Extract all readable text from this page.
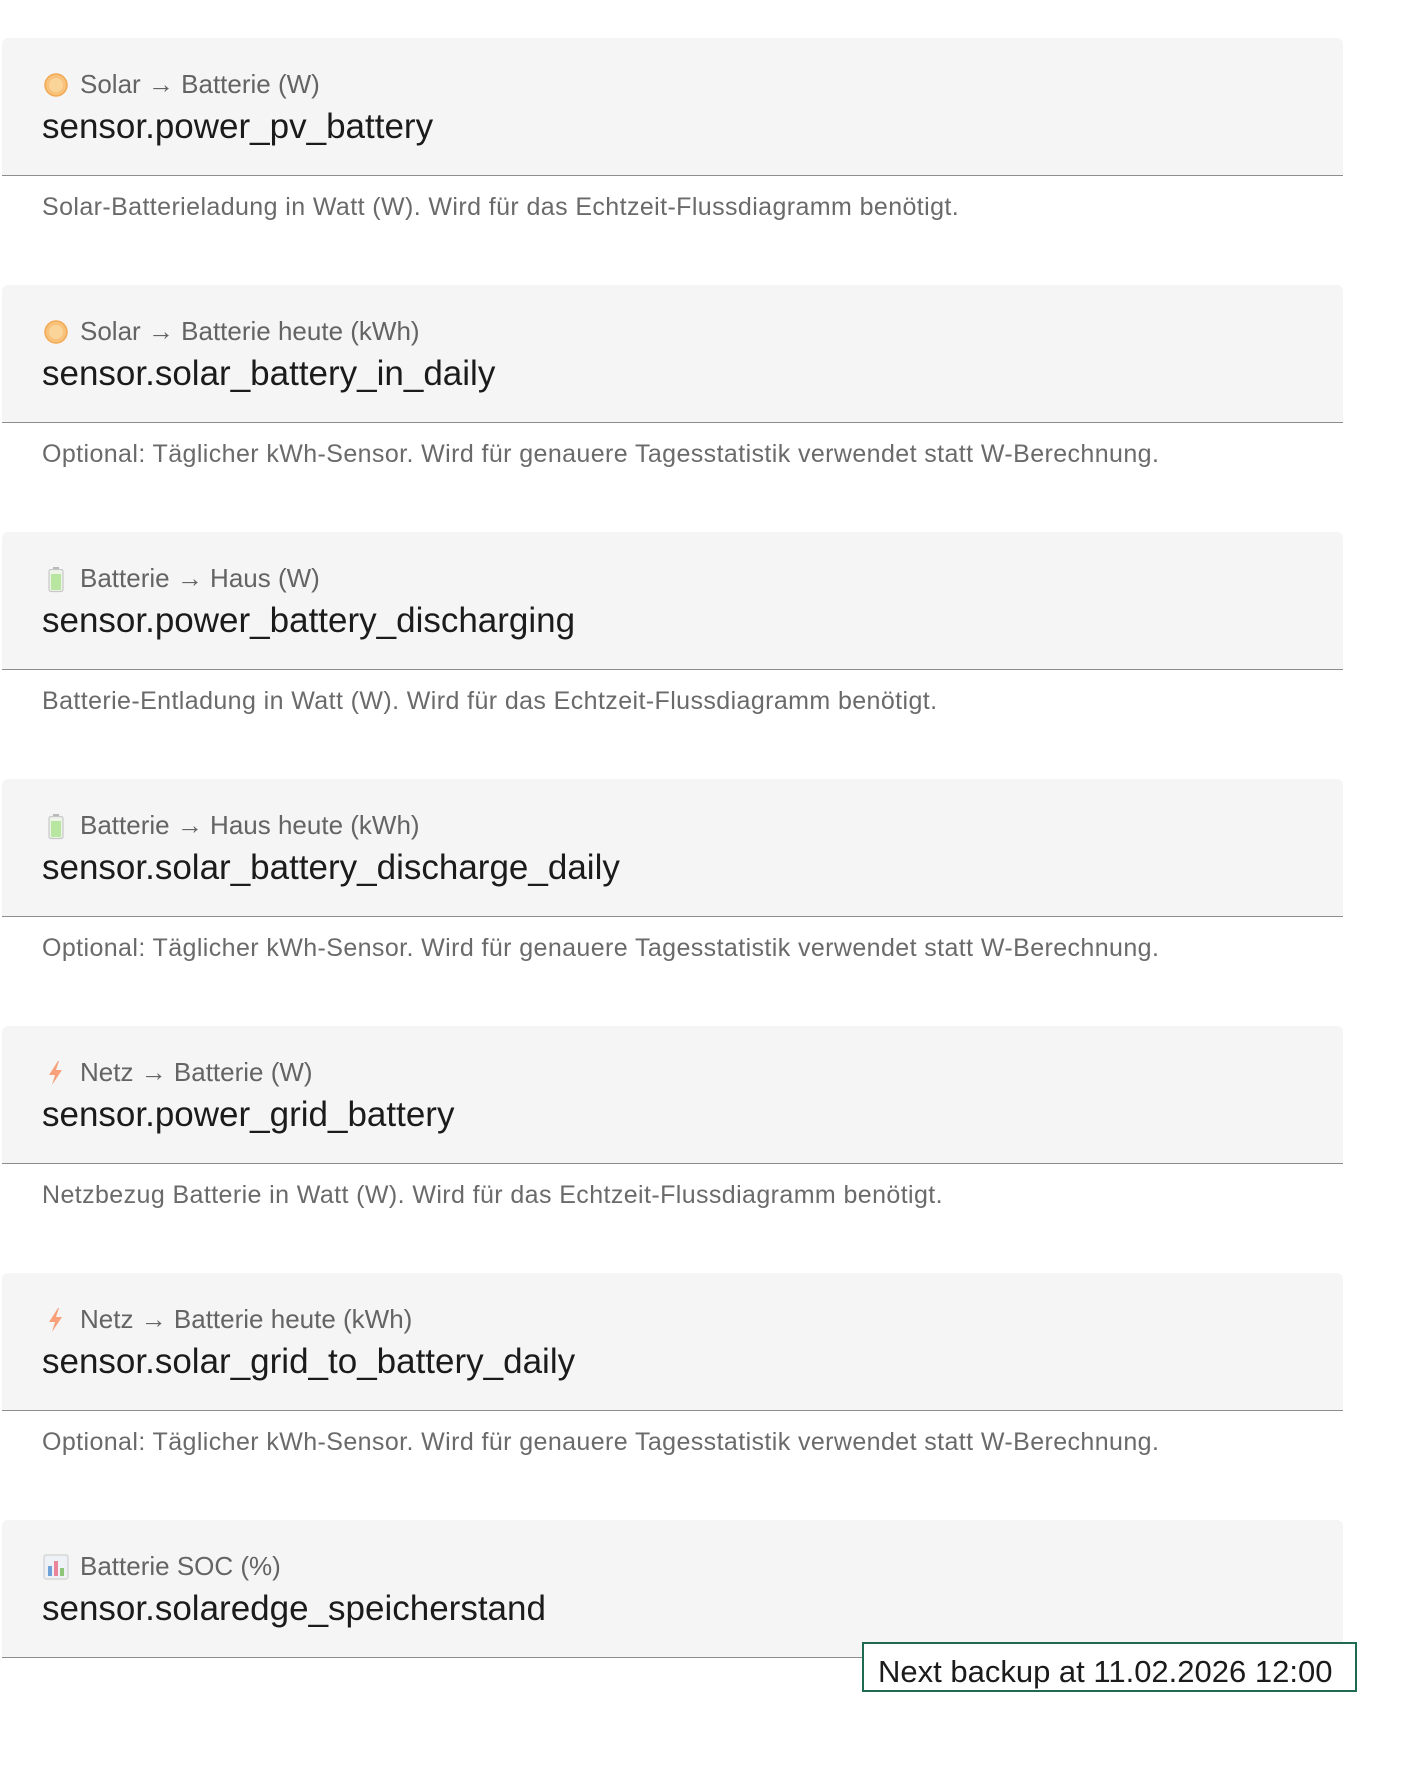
Solar → Batterie (W)
sensor.power_pv_battery
Solar-Batterieladung in Watt (W). Wird für das Echtzeit-Flussdiagramm benötigt.
Solar → Batterie heute (kWh)
sensor.solar_battery_in_daily
Optional: Täglicher kWh-Sensor. Wird für genauere Tagesstatistik verwendet statt W-Berechnung.
Batterie → Haus (W)
sensor.power_battery_discharging
Batterie-Entladung in Watt (W). Wird für das Echtzeit-Flussdiagramm benötigt.
Batterie → Haus heute (kWh)
sensor.solar_battery_discharge_daily
Optional: Täglicher kWh-Sensor. Wird für genauere Tagesstatistik verwendet statt W-Berechnung.
Netz → Batterie (W)
sensor.power_grid_battery
Netzbezug Batterie in Watt (W). Wird für das Echtzeit-Flussdiagramm benötigt.
Netz → Batterie heute (kWh)
sensor.solar_grid_to_battery_daily
Optional: Täglicher kWh-Sensor. Wird für genauere Tagesstatistik verwendet statt W-Berechnung.
Batterie SOC (%)
sensor.solaredge_speicherstand
Next backup at 11.02.2026 12:00
